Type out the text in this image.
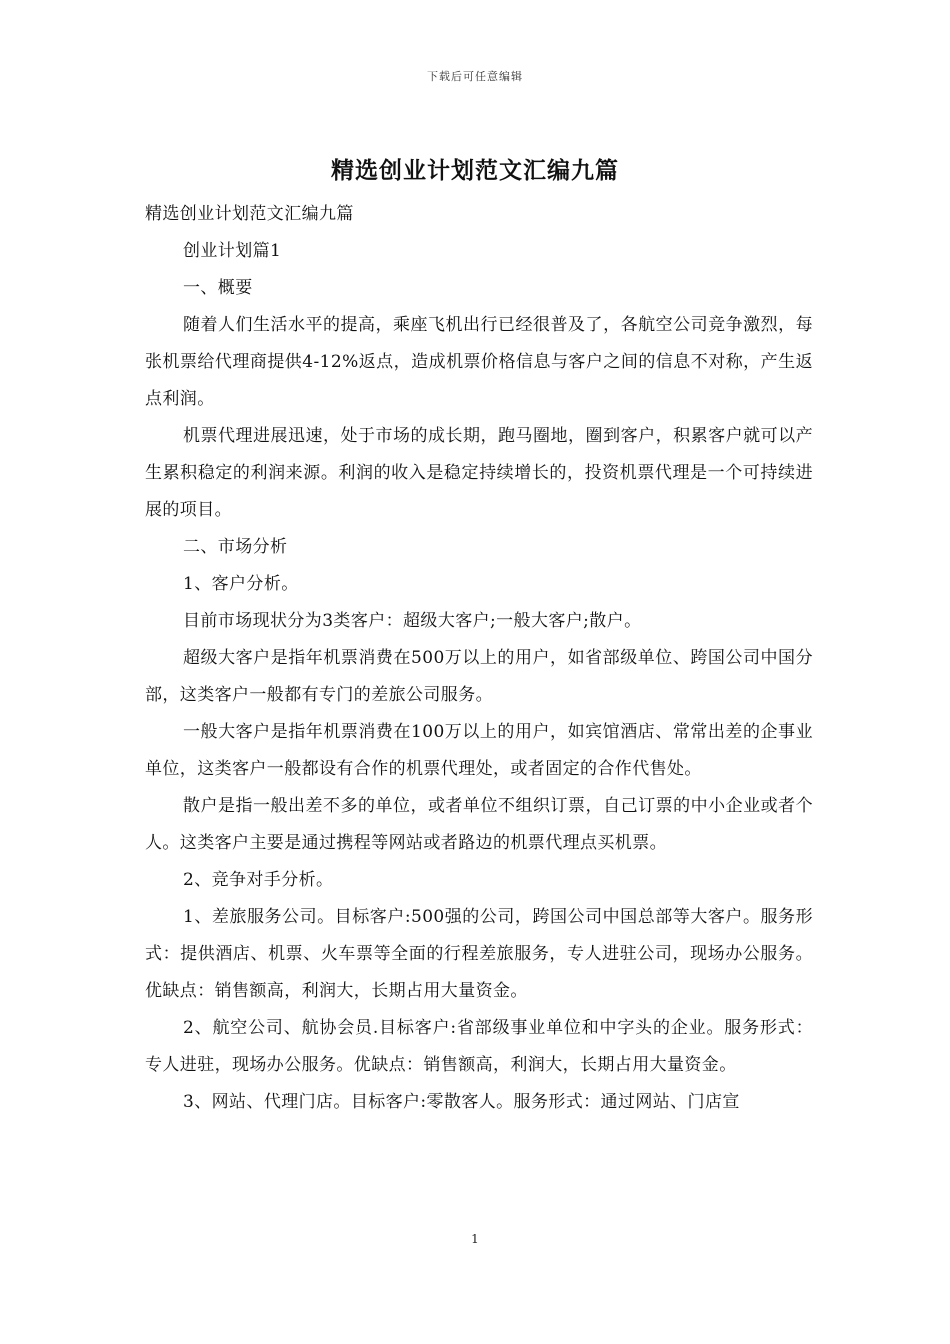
下载后可任意编辑
精选创业计划范文汇编九篇

精选创业计划范文汇编九篇

创业计划篇1

一、概要

随着人们生活水平的提高，乘座飞机出行已经很普及了，各航空公司竞争激烈，每张机票给代理商提供4-12%返点，造成机票价格信息与客户之间的信息不对称，产生返点利润。

机票代理进展迅速，处于市场的成长期，跑马圈地，圈到客户，积累客户就可以产生累积稳定的利润来源。利润的收入是稳定持续增长的，投资机票代理是一个可持续进展的项目。

二、市场分析

1、客户分析。

目前市场现状分为3类客户：超级大客户;一般大客户;散户。

超级大客户是指年机票消费在500万以上的用户，如省部级单位、跨国公司中国分部，这类客户一般都有专门的差旅公司服务。

一般大客户是指年机票消费在100万以上的用户，如宾馆酒店、常常出差的企事业单位，这类客户一般都设有合作的机票代理处，或者固定的合作代售处。

散户是指一般出差不多的单位，或者单位不组织订票，自己订票的中小企业或者个人。这类客户主要是通过携程等网站或者路边的机票代理点买机票。

2、竞争对手分析。

1、差旅服务公司。目标客户:500强的公司，跨国公司中国总部等大客户。服务形式：提供酒店、机票、火车票等全面的行程差旅服务，专人进驻公司，现场办公服务。优缺点：销售额高，利润大，长期占用大量资金。

2、航空公司、航协会员.目标客户:省部级事业单位和中字头的企业。服务形式：专人进驻，现场办公服务。优缺点：销售额高，利润大，长期占用大量资金。

3、网站、代理门店。目标客户:零散客人。服务形式：通过网站、门店宣

1
